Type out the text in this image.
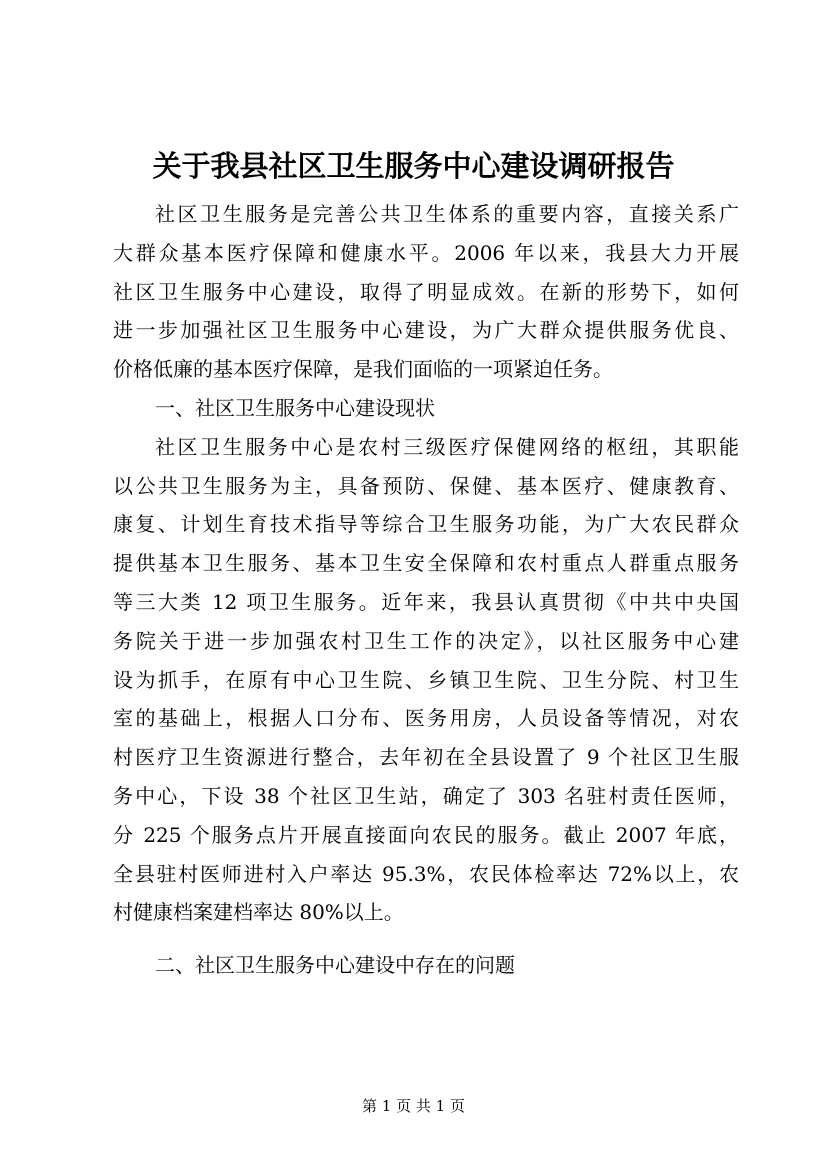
关于我县社区卫生服务中心建设调研报告
社区卫生服务是完善公共卫生体系的重要内容，直接关系广
大群众基本医疗保障和健康水平。2006 年以来，我县大力开展
社区卫生服务中心建设，取得了明显成效。在新的形势下，如何
进一步加强社区卫生服务中心建设，为广大群众提供服务优良、
价格低廉的基本医疗保障，是我们面临的一项紧迫任务。
一、社区卫生服务中心建设现状
社区卫生服务中心是农村三级医疗保健网络的枢纽，其职能
以公共卫生服务为主，具备预防、保健、基本医疗、健康教育、
康复、计划生育技术指导等综合卫生服务功能，为广大农民群众
提供基本卫生服务、基本卫生安全保障和农村重点人群重点服务
等三大类 12 项卫生服务。近年来，我县认真贯彻《中共中央国
务院关于进一步加强农村卫生工作的决定》，以社区服务中心建
设为抓手，在原有中心卫生院、乡镇卫生院、卫生分院、村卫生
室的基础上，根据人口分布、医务用房，人员设备等情况，对农
村医疗卫生资源进行整合，去年初在全县设置了 9 个社区卫生服
务中心，下设 38 个社区卫生站，确定了 303 名驻村责任医师，
分 225 个服务点片开展直接面向农民的服务。截止 2007 年底，
全县驻村医师进村入户率达 95.3%，农民体检率达 72%以上，农
村健康档案建档率达 80%以上。
二、社区卫生服务中心建设中存在的问题
第 1 页 共 1 页
